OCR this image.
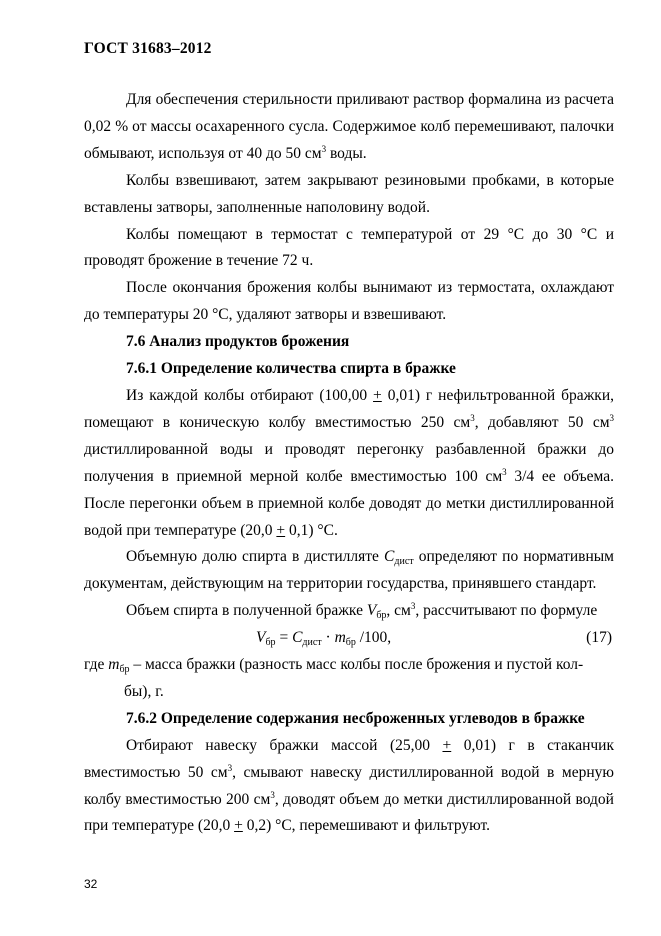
ГОСТ 31683–2012

Для обеспечения стерильности приливают раствор формалина из расчета 0,02 % от массы осахаренного сусла. Содержимое колб перемешивают, палочки обмывают, используя от 40 до 50 $см^3$ воды.

Колбы взвешивают, затем закрывают резиновыми пробками, в которые вставлены затворы, заполненные наполовину водой.

Колбы помещают в термостат с температурой от 29 °С до 30 °С и проводят брожение в течение 72 ч.

После окончания брожения колбы вынимают из термостата, охлаждают до температуры 20 °С, удаляют затворы и взвешивают.

7.6 Анализ продуктов брожения

7.6.1 Определение количества спирта в бражке

Из каждой колбы отбирают (100,00 + 0,01) г нефильтрованной бражки, помещают в коническую колбу вместимостью 250 $см^3$, добавляют 50 $см^3$ дистиллированной воды и проводят перегонку разбавленной бражки до получения в приемной мерной колбе вместимостью 100 $см^3$ 3/4 ее объема. После перегонки объем в приемной колбе доводят до метки дистиллированной водой при температуре (20,0 + 0,1) °С.

Объемную долю спирта в дистилляте $С_{дист}$ определяют по нормативным документам, действующим на территории государства, принявшего стандарт.

Объем спирта в полученной бражке $V_{бр}$, $см^3$, рассчитывают по формуле

$V_{бр} = С_{дист} \cdot m_{бр}$ /100,	(17)

где $m_{бр}$ – масса бражки (разность масс колбы после брожения и пустой кол-

бы), г.

7.6.2 Определение содержания несброженных углеводов в бражке

Отбирают навеску бражки массой (25,00 + 0,01) г в стаканчик вместимостью 50 $см^3$, смывают навеску дистиллированной водой в мерную колбу вместимостью 200 $см^3$, доводят объем до метки дистиллированной водой при температуре (20,0 + 0,2) °С, перемешивают и фильтруют.

32
